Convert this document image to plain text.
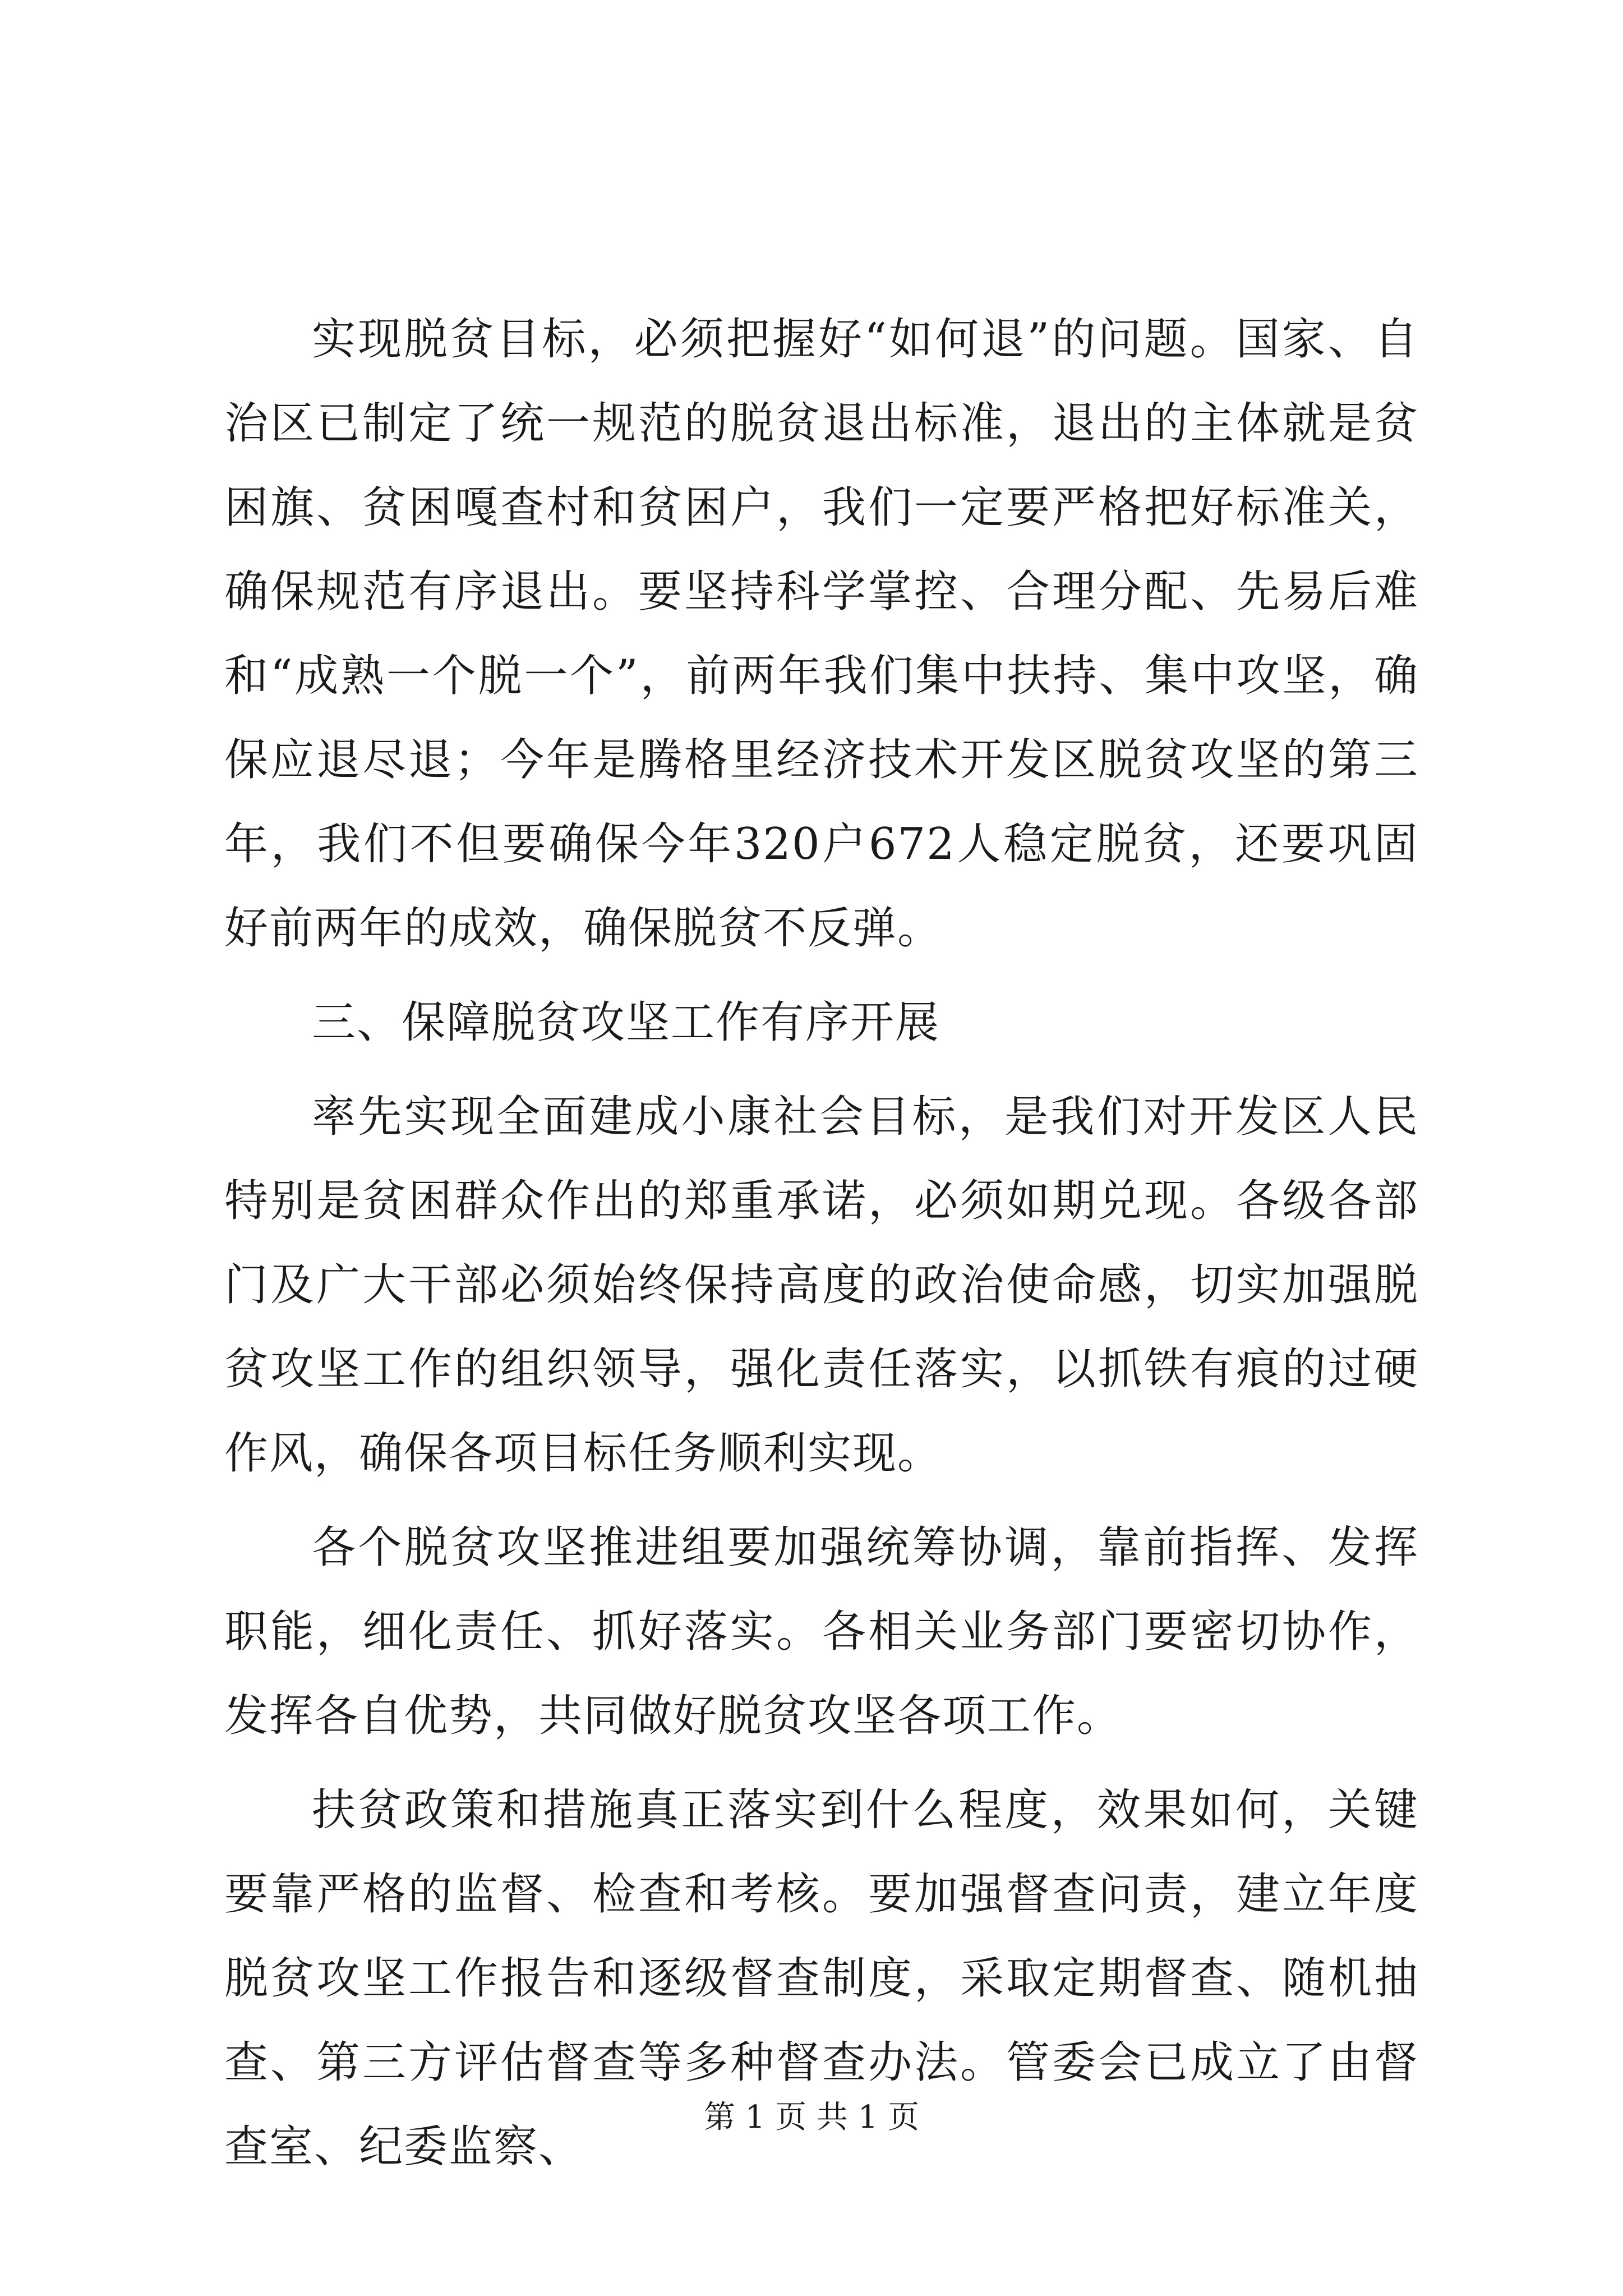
实现脱贫目标，必须把握好“如何退”的问题。国家、自治区已制定了统一规范的脱贫退出标准，退出的主体就是贫困旗、贫困嘎查村和贫困户，我们一定要严格把好标准关，确保规范有序退出。要坚持科学掌控、合理分配、先易后难和“成熟一个脱一个”，前两年我们集中扶持、集中攻坚，确保应退尽退；今年是腾格里经济技术开发区脱贫攻坚的第三年，我们不但要确保今年320户672人稳定脱贫，还要巩固好前两年的成效，确保脱贫不反弹。

三、保障脱贫攻坚工作有序开展

率先实现全面建成小康社会目标，是我们对开发区人民特别是贫困群众作出的郑重承诺，必须如期兑现。各级各部门及广大干部必须始终保持高度的政治使命感，切实加强脱贫攻坚工作的组织领导，强化责任落实，以抓铁有痕的过硬作风，确保各项目标任务顺利实现。

各个脱贫攻坚推进组要加强统筹协调，靠前指挥、发挥职能，细化责任、抓好落实。各相关业务部门要密切协作，发挥各自优势，共同做好脱贫攻坚各项工作。

扶贫政策和措施真正落实到什么程度，效果如何，关键要靠严格的监督、检查和考核。要加强督查问责，建立年度脱贫攻坚工作报告和逐级督查制度，采取定期督查、随机抽查、第三方评估督查等多种督查办法。管委会已成立了由督查室、纪委监察、

第 1 页 共 1 页
